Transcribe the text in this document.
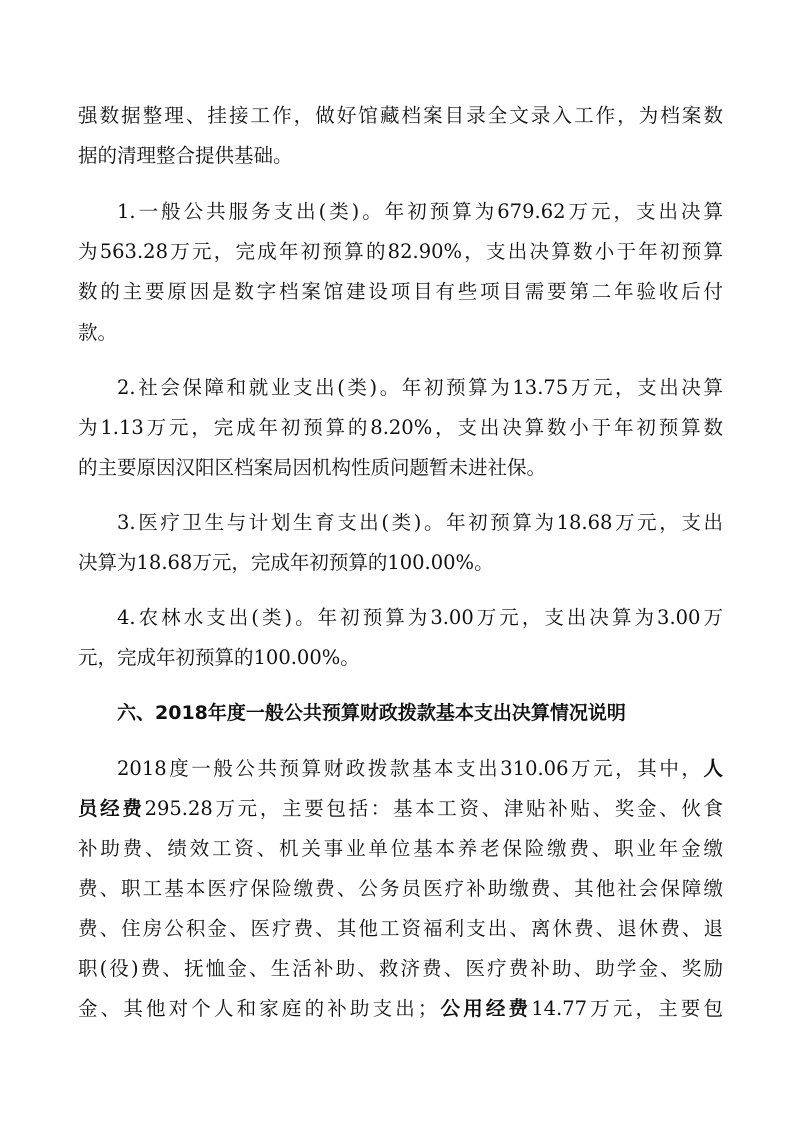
强数据整理、挂接工作，做好馆藏档案目录全文录入工作，为档案数

据的清理整合提供基础。

1.一般公共服务支出(类)。年初预算为679.62万元，支出决算

为563.28万元，完成年初预算的82.90%，支出决算数小于年初预算

数的主要原因是数字档案馆建设项目有些项目需要第二年验收后付

款。

2.社会保障和就业支出(类)。年初预算为13.75万元，支出决算

为1.13万元，完成年初预算的8.20%，支出决算数小于年初预算数

的主要原因汉阳区档案局因机构性质问题暂未进社保。

3.医疗卫生与计划生育支出(类)。年初预算为18.68万元，支出

决算为18.68万元，完成年初预算的100.00%。

4.农林水支出(类)。年初预算为3.00万元，支出决算为3.00万

元，完成年初预算的100.00%。

六、2018年度一般公共预算财政拨款基本支出决算情况说明

2018度一般公共预算财政拨款基本支出310.06万元，其中，人

员经费295.28万元，主要包括：基本工资、津贴补贴、奖金、伙食

补助费、绩效工资、机关事业单位基本养老保险缴费、职业年金缴

费、职工基本医疗保险缴费、公务员医疗补助缴费、其他社会保障缴

费、住房公积金、医疗费、其他工资福利支出、离休费、退休费、退

职(役)费、抚恤金、生活补助、救济费、医疗费补助、助学金、奖励

金、其他对个人和家庭的补助支出；公用经费14.77万元，主要包
